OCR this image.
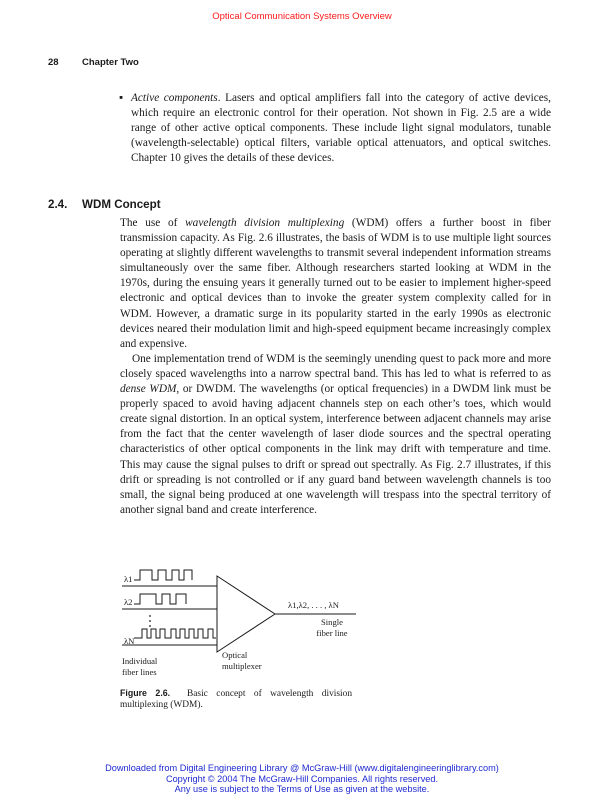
Optical Communication Systems Overview
28 Chapter Two
▪ Active components. Lasers and optical amplifiers fall into the category of active devices, which require an electronic control for their operation. Not shown in Fig. 2.5 are a wide range of other active optical components. These include light signal modulators, tunable (wavelength-selectable) optical filters, variable optical attenuators, and optical switches. Chapter 10 gives the details of these devices.

2.4. WDM Concept

The use of wavelength division multiplexing (WDM) offers a further boost in fiber transmission capacity. As Fig. 2.6 illustrates, the basis of WDM is to use multiple light sources operating at slightly different wavelengths to transmit several independent information streams simultaneously over the same fiber. Although researchers started looking at WDM in the 1970s, during the ensuing years it generally turned out to be easier to implement higher-speed electronic and optical devices than to invoke the greater system complexity called for in WDM. However, a dramatic surge in its popularity started in the early 1990s as electronic devices neared their modulation limit and high-speed equipment became increasingly complex and expensive.

One implementation trend of WDM is the seemingly unending quest to pack more and more closely spaced wavelengths into a narrow spectral band. This has led to what is referred to as dense WDM, or DWDM. The wavelengths (or optical frequencies) in a DWDM link must be properly spaced to avoid having adjacent channels step on each other’s toes, which would create signal distortion. In an optical system, interference between adjacent channels may arise from the fact that the center wavelength of laser diode sources and the spectral operating characteristics of other optical components in the link may drift with temperature and time. This may cause the signal pulses to drift or spread out spectrally. As Fig. 2.7 illustrates, if this drift or spreading is not controlled or if any guard band between wavelength channels is too small, the signal being produced at one wavelength will trespass into the spectral territory of another signal band and create interference.

λ1
λ2
λN
λ1,λ2, . . . , λN
Single fiber line
Individual fiber lines
Optical multiplexer
Figure 2.6. Basic concept of wavelength division multiplexing (WDM).
Downloaded from Digital Engineering Library @ McGraw-Hill (www.digitalengineeringlibrary.com)
Copyright © 2004 The McGraw-Hill Companies. All rights reserved.
Any use is subject to the Terms of Use as given at the website.
